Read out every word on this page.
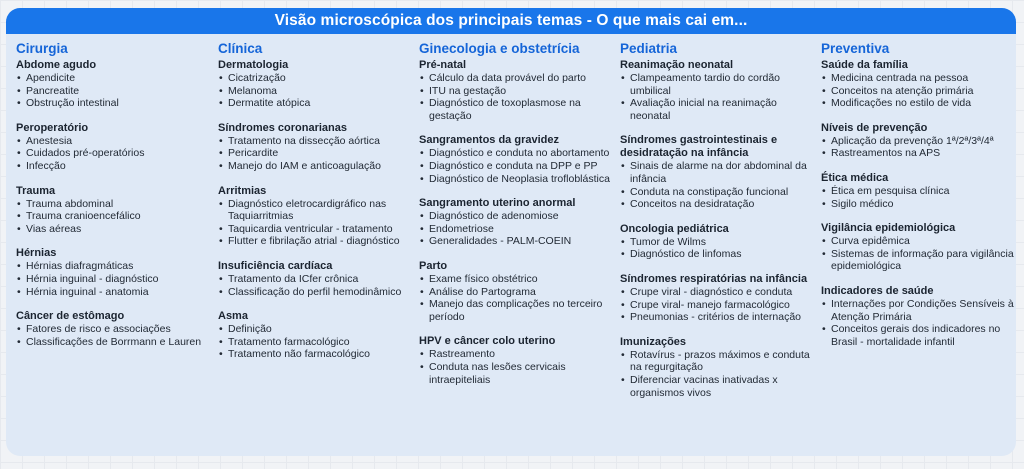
Visão microscópica dos principais temas - O que mais cai em...
Cirurgia
Abdome agudo
• Apendicite
• Pancreatite
• Obstrução intestinal
Peroperatório
• Anestesia
• Cuidados pré-operatórios
• Infecção
Trauma
• Trauma abdominal
• Trauma cranioencefálico
• Vias aéreas
Hérnias
• Hérnias diafragmáticas
• Hérnia inguinal - diagnóstico
• Hérnia inguinal - anatomia
Câncer de estômago
• Fatores de risco e associações
• Classificações de Borrmann e Lauren
Clínica
Dermatologia
• Cicatrização
• Melanoma
• Dermatite atópica
Síndromes coronarianas
• Tratamento na dissecção aórtica
• Pericardite
• Manejo do IAM e anticoagulação
Arritmias
• Diagnóstico eletrocardigráfico nas Taquiarritmias
• Taquicardia ventricular - tratamento
• Flutter e fibrilação atrial - diagnóstico
Insuficiência cardíaca
• Tratamento da ICfer crônica
• Classificação do perfil hemodinâmico
Asma
• Definição
• Tratamento farmacológico
• Tratamento não farmacológico
Ginecologia e obstetrícia
Pré-natal
• Cálculo da data provável do parto
• ITU na gestação
• Diagnóstico de toxoplasmose na gestação
Sangramentos da gravidez
• Diagnóstico e conduta no abortamento
• Diagnóstico e conduta na DPP e PP
• Diagnóstico de Neoplasia trofloblástica
Sangramento uterino anormal
• Diagnóstico de adenomiose
• Endometriose
• Generalidades - PALM-COEIN
Parto
• Exame físico obstétrico
• Análise do Partograma
• Manejo das complicações no terceiro período
HPV e câncer colo uterino
• Rastreamento
• Conduta nas lesões cervicais intraepiteliais
Pediatria
Reanimação neonatal
• Clampeamento tardio do cordão umbilical
• Avaliação inicial na reanimação neonatal
Síndromes gastrointestinais e desidratação na infância
• Sinais de alarme na dor abdominal da infância
• Conduta na constipação funcional
• Conceitos na desidratação
Oncologia pediátrica
• Tumor de Wilms
• Diagnóstico de linfomas
Síndromes respiratórias na infância
• Crupe viral - diagnóstico e conduta
• Crupe viral- manejo farmacológico
• Pneumonias - critérios de internação
Imunizações
• Rotavírus - prazos máximos e conduta na regurgitação
• Diferenciar vacinas inativadas x organismos vivos
Preventiva
Saúde da família
• Medicina centrada na pessoa
• Conceitos na atenção primária
• Modificações no estilo de vida
Níveis de prevenção
• Aplicação da prevenção 1ª/2ª/3ª/4ª
• Rastreamentos na APS
Ética médica
• Ética em pesquisa clínica
• Sigilo médico
Vigilância epidemiológica
• Curva epidêmica
• Sistemas de informação para vigilância epidemiológica
Indicadores de saúde
• Internações por Condições Sensíveis à Atenção Primária
• Conceitos gerais dos indicadores no Brasil - mortalidade infantil
